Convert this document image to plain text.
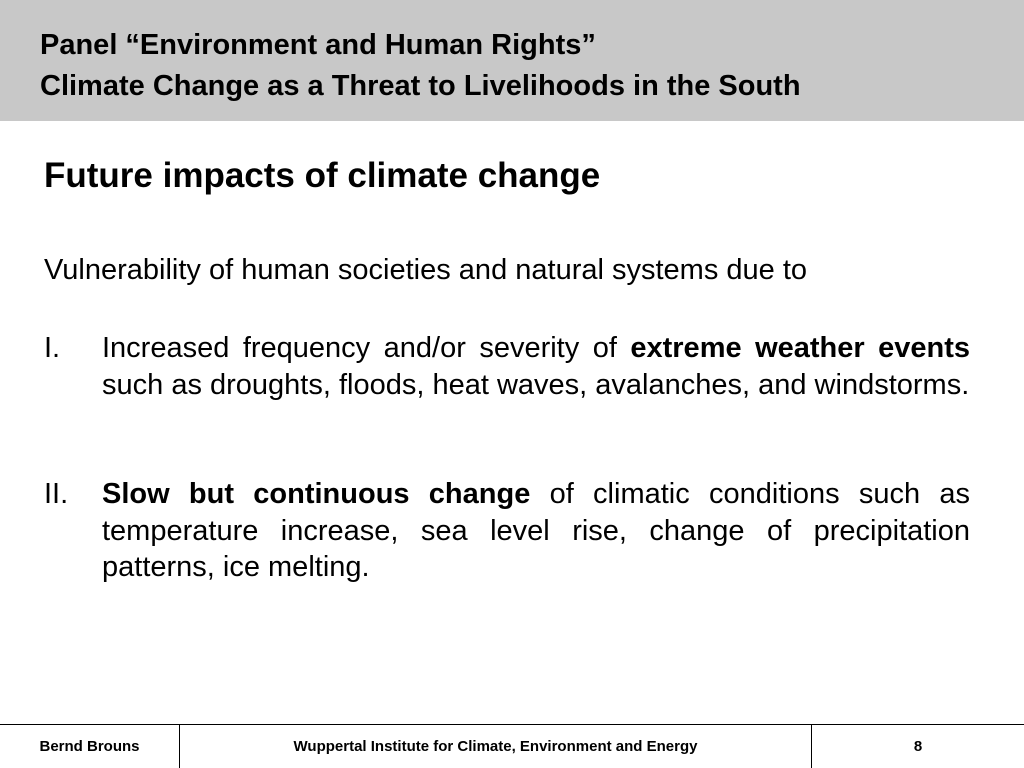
Panel “Environment and Human Rights”
Climate Change as a Threat to Livelihoods in the South
Future impacts of climate change
Vulnerability of human societies and natural systems due to
I.	Increased frequency and/or severity of extreme weather events such as droughts, floods, heat waves, avalanches, and windstorms.
II.	Slow but continuous change of climatic conditions such as temperature increase, sea level rise, change of precipitation patterns, ice melting.
Bernd Brouns	Wuppertal Institute for Climate, Environment and Energy	8
